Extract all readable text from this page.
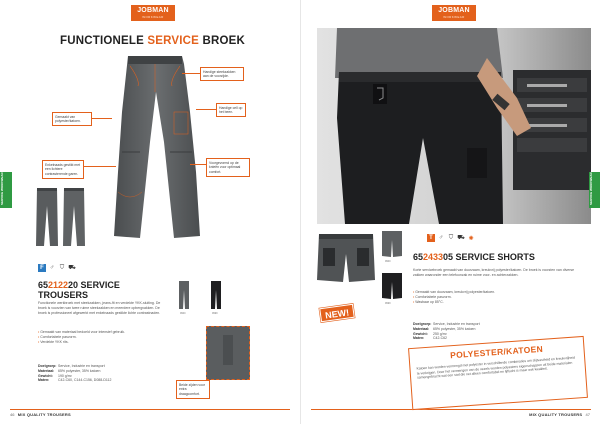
JOBMAN
WORKWEAR
FUNCTIONELE SERVICE BROEK
Handige steekzakken aan de voorzijde.
Handige cell op het been.
Gemaakt van polyester/katoen.
Voorgevormd op de knieën voor optimaal comfort.
Enkelnaads gestikt met een lichtere contrasterende garen.
SERVICE WORKWEAR
F ♂ ⛉ ⛟
65212220 SERVICE
TROUSERS
Functionele werkbroek met steekzakken, jeans-fit en verdekte YKK-sluiting. De broek is voorzien van twee ruime steekzakken en meerdere opbergvakken. De broek is professioneel afgewerkt met enkelnaads gestikte lichte contrastnaden.
• Gemaakt van materiaal bedoeld voor intensief gebruik.
• Comfortabele pasvorm.
• Verdekte YKK rits.
Doelgroep: Service, Industrie en transport
Materiaal:	65% polyester, 35% katoen
Gewicht:	190 g/m²
Maten:	C42-C60, C144-C156, D088-D112
9900	9999
Beide zijden voor extra draagcomfort.
46 MIX QUALITY TROUSERS
JOBMAN
WORKWEAR
SERVICE WORKWEAR
9900
9999
T ♂ ⛉ ⛟ ✺
65243305 SERVICE SHORTS
Korte servicebroek gemaakt van duurzaam, kreukvrij polyester/katoen. De broek is voorzien van diverse zakken waaronder een telefoonzak en ruime voor- en achterzakken.
• Gemaakt van duurzaam, kreukvrij polyester/katoen.
• Comfortabele pasvorm.
• Wasbaar op 85°C.
Doelgroep: Service, Industrie en transport
Materiaal:	65% polyester, 35% katoen
Gewicht:	250 g/m²
Maten:	C42-C62
MIX QUALITY TROUSERS 47
NEW!
POLYESTER/KATOEN
Katoen kan worden vermengd met polyester in verschillende combinaties om slijtvastheid en kreukvrijheid te verkrijgen. Door het vermengen van de vezels worden polyesters eigenschappen uit beide materialen samengebracht wat een stof die net alleen comfortabel en lijflucht is maar ook kwaliteit.
